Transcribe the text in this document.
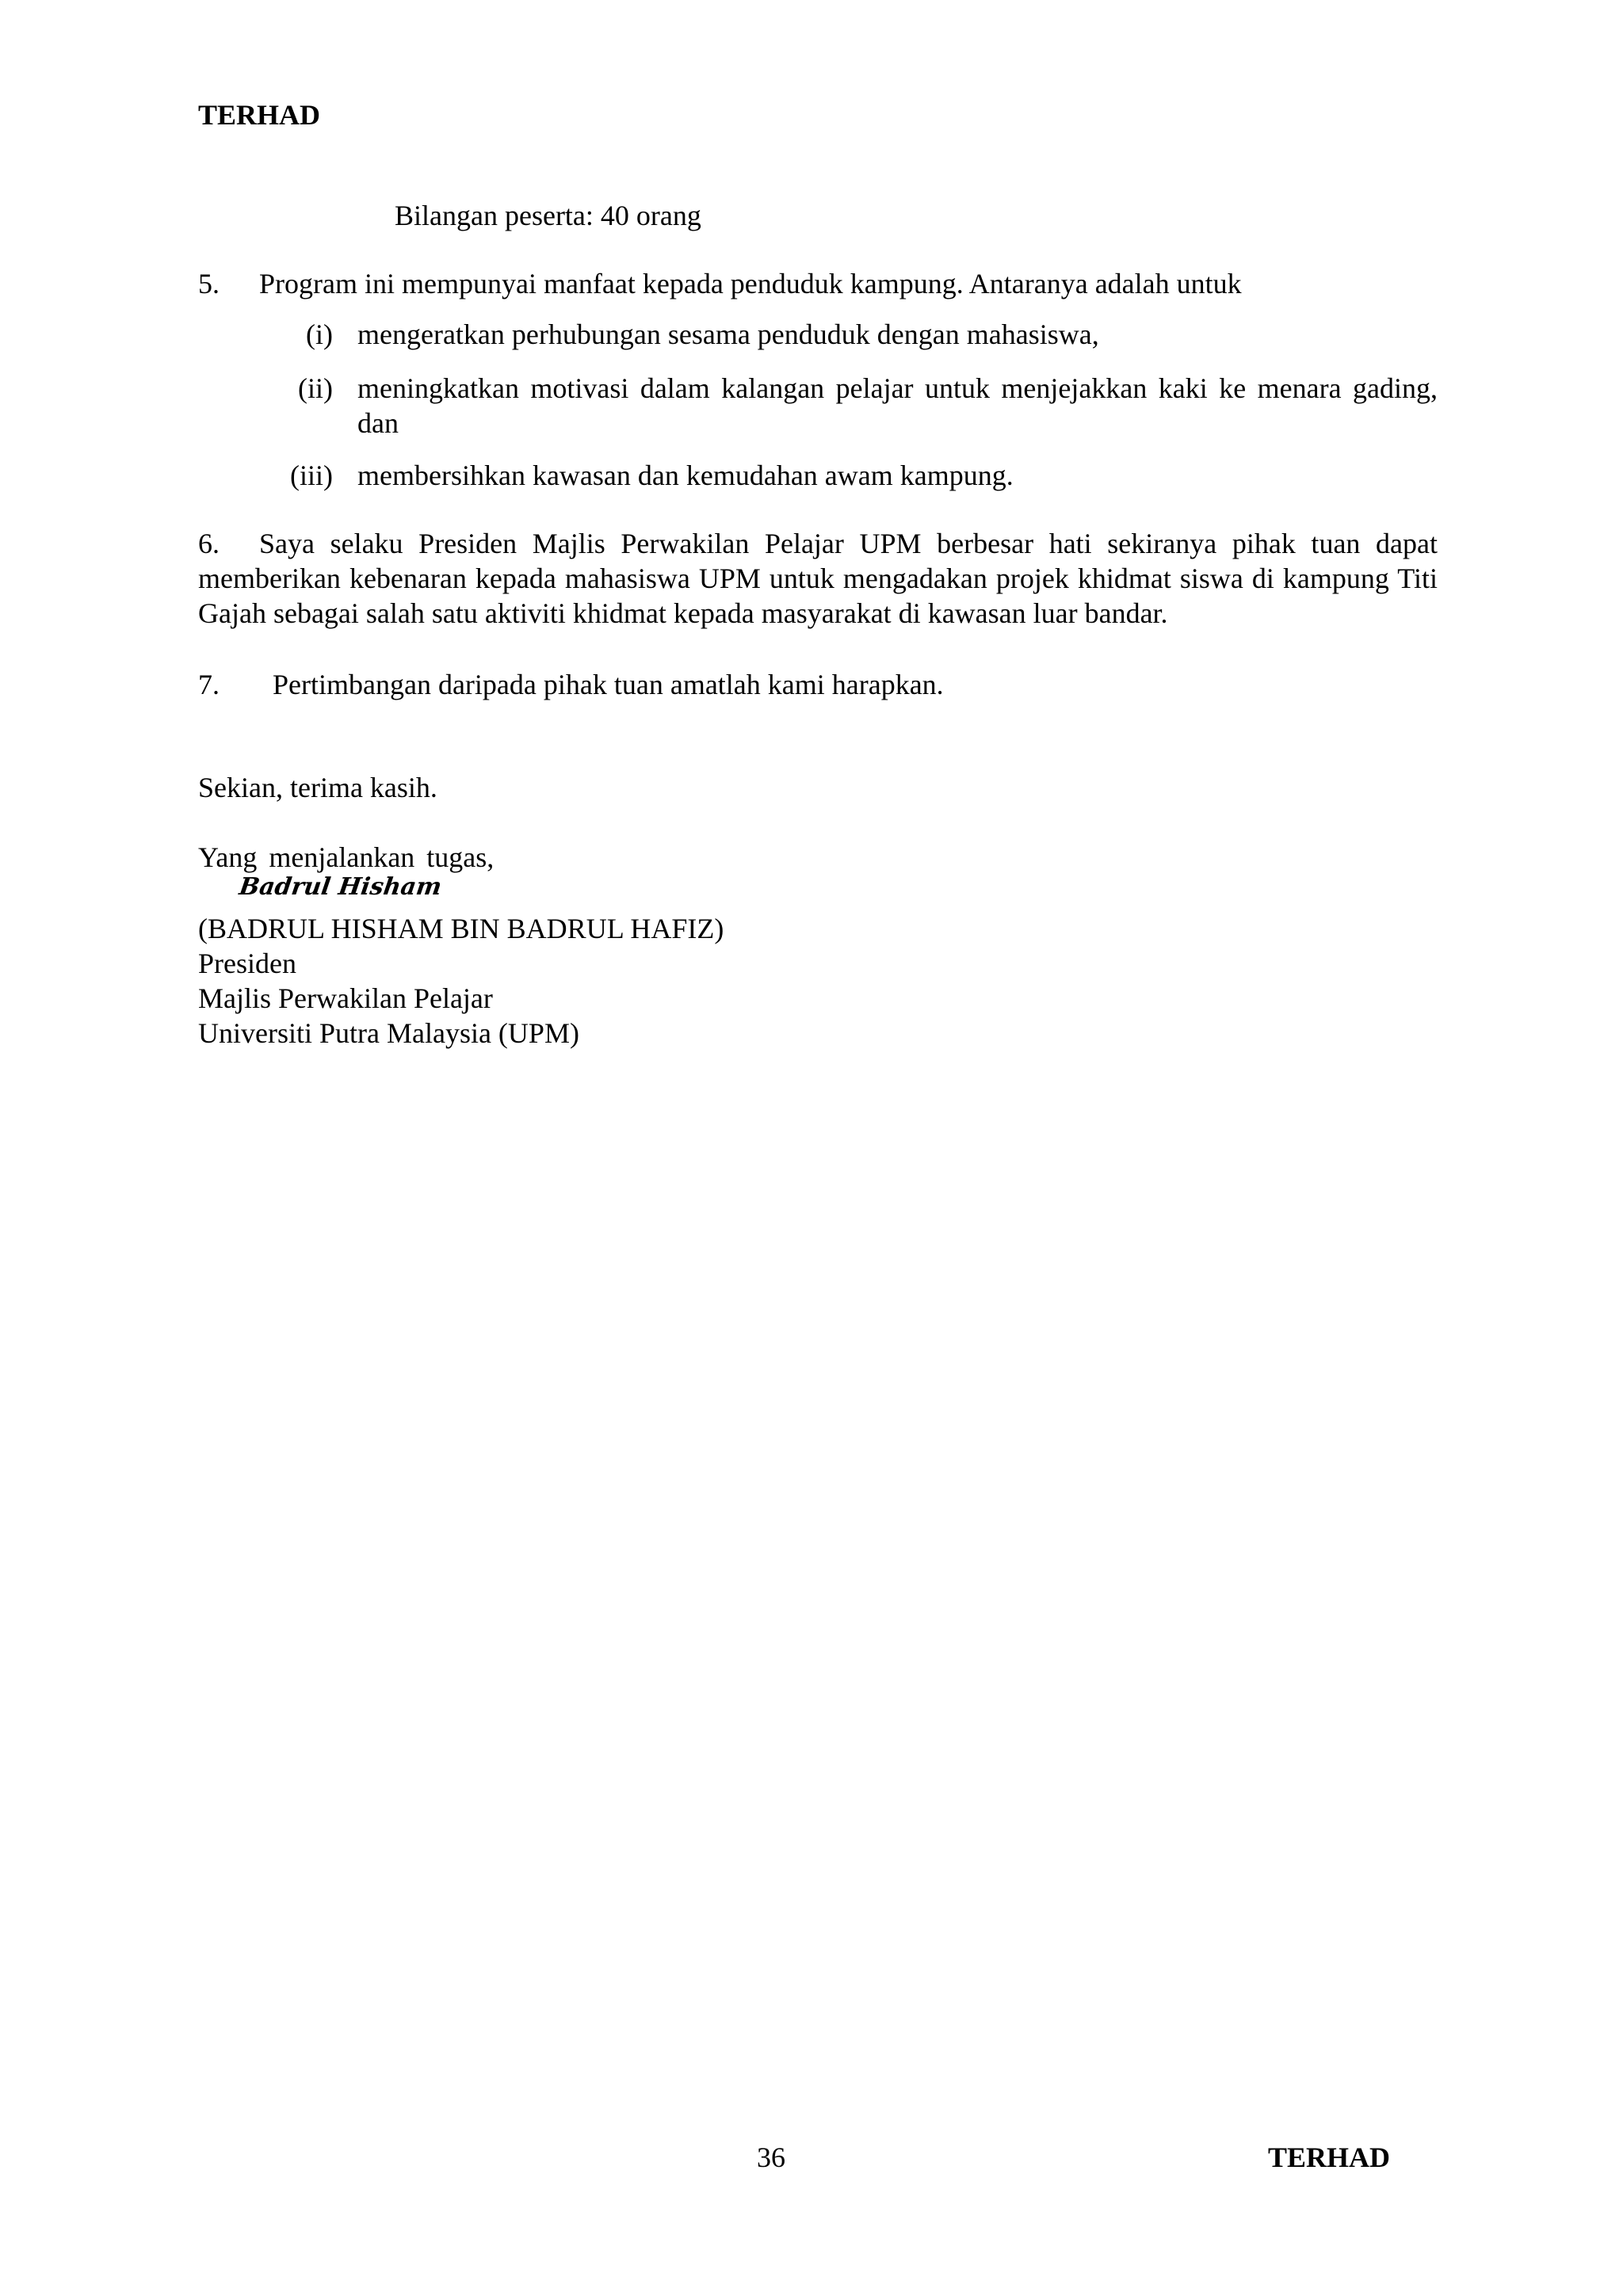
TERHAD
Bilangan peserta: 40 orang
5. Program ini mempunyai manfaat kepada penduduk kampung. Antaranya adalah untuk
(i) mengeratkan perhubungan sesama penduduk dengan mahasiswa,
(ii) meningkatkan motivasi dalam kalangan pelajar untuk menjejakkan kaki ke menara gading, dan
(iii) membersihkan kawasan dan kemudahan awam kampung.
6. Saya selaku Presiden Majlis Perwakilan Pelajar UPM berbesar hati sekiranya pihak tuan dapat memberikan kebenaran kepada mahasiswa UPM untuk mengadakan projek khidmat siswa di kampung Titi Gajah sebagai salah satu aktiviti khidmat kepada masyarakat di kawasan luar bandar.
7. Pertimbangan daripada pihak tuan amatlah kami harapkan.
Sekian, terima kasih.
Yang menjalankan tugas,
Badrul Hisham
(BADRUL HISHAM BIN BADRUL HAFIZ)
Presiden
Majlis Perwakilan Pelajar
Universiti Putra Malaysia (UPM)
36	TERHAD
